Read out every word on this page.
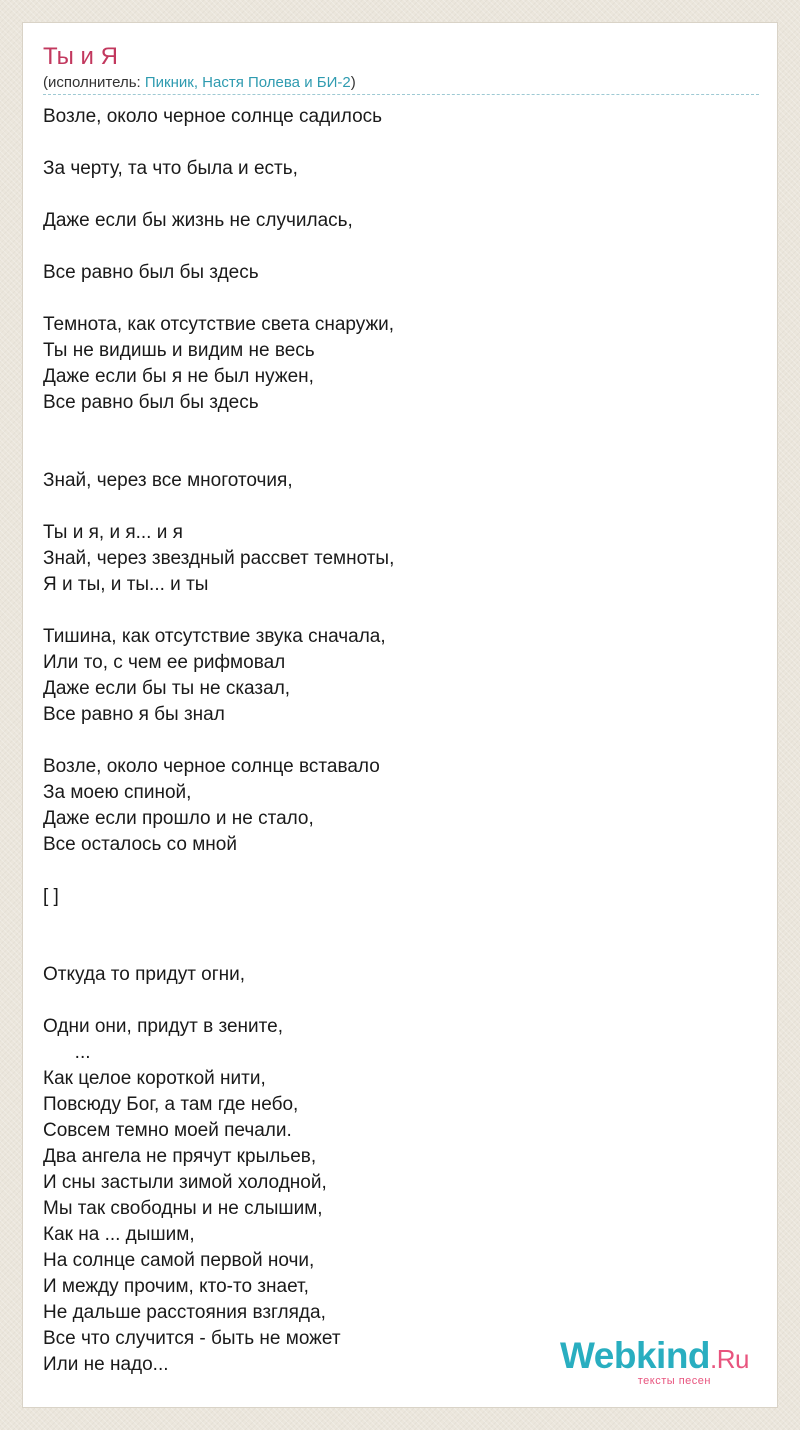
Ты и Я
(исполнитель: Пикник, Настя Полева и БИ-2)
Возле, около черное солнце садилось
За черту, та что была и есть,
Даже если бы жизнь не случилась,
Все равно был бы здесь
Темнота, как отсутствие света снаружи,
Ты не видишь и видим не весь
Даже если бы я не был нужен,
Все равно был бы здесь
Знай, через все многоточия,
Ты и я, и я... и я
Знай, через звездный рассвет темноты,
Я и ты, и ты... и ты
Тишина, как отсутствие звука сначала,
Или то, с чем ее рифмовал
Даже если бы ты не сказал,
Все равно я бы знал
Возле, около черное солнце вставало
За моею спиной,
Даже если прошло и не стало,
Все осталось со мной
[ ]
Откуда то придут огни,
Одни они, придут в зените,
...
Как целое короткой нити,
Повсюду Бог, а там где небо,
Совсем темно моей печали.
Два ангела не прячут крыльев,
И сны застыли зимой холодной,
Мы так свободны и не слышим,
Как на ... дышим,
На солнце самой первой ночи,
И между прочим, кто-то знает,
Не дальше расстояния взгляда,
Все что случится - быть не может
Или не надо...	Webkind.Ru
тексты песен
